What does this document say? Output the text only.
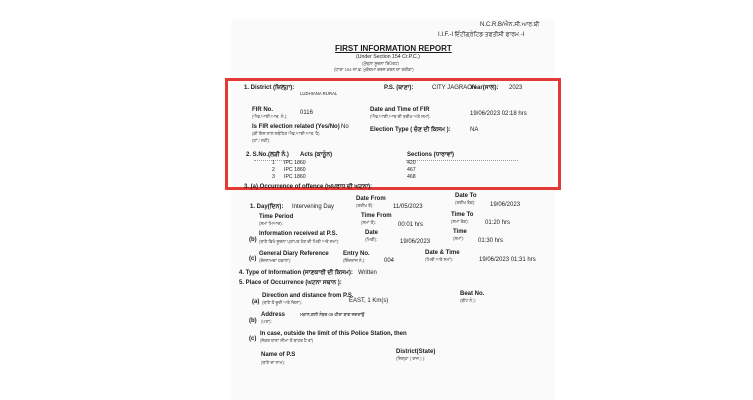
N.C.R.B/ਐਨ.ਸੀ.ਆਰ.ਬੀ
I.I.F.-I ਇੰਟੀਗ੍ਰੇਟਿਡ ਤਫਤੀਸ਼ੀ ਫਾਰਮ -I
FIRST INFORMATION REPORT
(Under Section 154 Cr.P.C.)
(ਮੁੱਢਲਾ ਸੂਚਨਾ ਰਿਪੋਰਟ)
(ਧਾਰਾ 154 ਜ਼ਾ.ਫ. ਮੁਕੱਦਮਾ ਦਰਜ ਕਰਨ ਦਾ ਤਰੀਕਾ)
1. District (ਜ਼ਿਲ੍ਹਾ):
LUDHIANA RURAL
P.S. (ਥਾਣਾ):	CITY JAGRAON
Year(ਸਾਲ): 2023
FIR No.
(ਐਫ.ਆਈ.ਆਰ. ਨੰ.):
0116	Date and Time of FIR
(ਐਫ.ਆਈ.ਆਰ ਦੀ ਤਰੀਖ ਅਤੇ ਸਮਾਂ):	19/06/2023 02:18 hrs
Is FIR election related (Yes/No)
(ਕੀ ਇਸ ਨਾਲ ਸਬੰਧਿਤ ਐਫ.ਆਈ.ਆਰ. ਹੈ)
(ਹਾਂ / ਨਹੀਂ):
No	Election Type ( ਚੋਣ ਦੀ ਕਿਸਮ ):	NA
2. S.No.(ਲੜੀ ਨੰ.) Acts (ਕਾਨੂੰਨ)	Sections (ਧਾਰਾਵਾਂ)
1 IPC 1860	420
2 IPC 1860	467
3 IPC 1860	468
3. (a) Occurrence of offence (ਅਪਰਾਧ ਦੀ ਘਟਨਾ):
Date From
(ਤਰੀਖ ਤੋਂ):
Date To
(ਤਰੀਖ ਤੱਕ):
1. Day(ਦਿਨ): Intervening Day	11/05/2023	19/06/2023
Time Period
(ਸਮਾਂ ਮਿਆਦ):
Time From
(ਸਮਾਂ ਤੋਂ):	00:01 hrs
Time To
(ਸਮਾਂ ਤੱਕ):	01:20 hrs
(b)
Information received at P.S.
(ਥਾਣੇ ਵਿਖੇ ਸੂਚਨਾ ਪ੍ਰਾਪਤ ਹੋਣ ਦੀ ਮਿਤੀ ਅਤੇ ਸਮਾਂ):
Date
(ਮਿਤੀ):	19/06/2023
Time
(ਸਮਾਂ): 01:30 hrs
(c)
General Diary Reference
(ਰੋਜ਼ਨਾਮਚਾ ਹਵਾਲਾ):
Entry No.
(ਇੰਦਰਾਜ ਨੰ.):	004
Date & Time
(ਮਿਤੀ ਅਤੇ ਸਮਾਂ):	19/06/2023 01:31 hrs
4. Type of Information (ਜਾਣਕਾਰੀ ਦੀ ਕਿਸਮ): Written
5. Place of Occurrence (ਘਟਨਾ ਸਥਾਨ ):
Beat No.
(ਬੀਟ ਨੰ.):
(a)
Direction and distance from P.S.
(ਥਾਣੇ ਤੋਂ ਦੂਰੀ ਅਤੇ ਦਿਸ਼ਾ):	EAST, 1 Km(s)
(b)
Address
(ਪਤਾ):
ਮਕਾਨ,ਗਲੀ ਨੰਬਰ 09 ਹੀਰਾ ਬਾਗ ਜਗਰਾਉਂ
(c)
In case, outside the limit of this Police Station, then
(ਜੇਕਰ ਥਾਣਾ ਸੀਮਾ ਤੋਂ ਬਾਹਰ ਹੈ ਤਾਂ)
Name of P.S
(ਥਾਣੇ ਦਾ ਨਾਮ):
District(State)
(ਜ਼ਿਲ੍ਹਾ ( ਰਾਜ ) ):
